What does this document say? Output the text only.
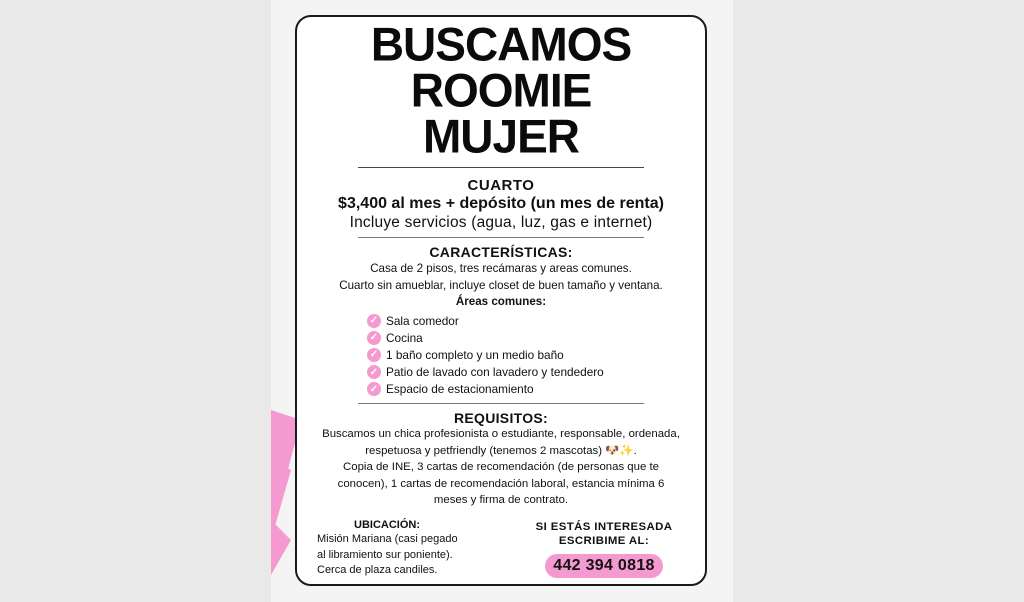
BUSCAMOS
ROOMIE
MUJER
CUARTO
$3,400 al mes + depósito (un mes de renta)
Incluye servicios (agua, luz, gas e internet)
CARACTERÍSTICAS:
Casa de 2 pisos, tres recámaras y areas comunes.
Cuarto sin amueblar, incluye closet de buen tamaño y ventana.
Áreas comunes:
✓ Sala comedor
✓ Cocina
✓ 1 baño completo y un medio baño
✓ Patio de lavado con lavadero y tendedero
✓ Espacio de estacionamiento
REQUISITOS:
Buscamos un chica profesionista o estudiante, responsable, ordenada,
respetuosa y petfriendly (tenemos 2 mascotas) 🐶✨.
Copia de INE, 3 cartas de recomendación (de personas que te
conocen), 1 cartas de recomendación laboral, estancia mínima 6
meses y firma de contrato.
UBICACIÓN:
Misión Mariana (casi pegado
al libramiento sur poniente).
Cerca de plaza candiles.
SI ESTÁS INTERESADA
ESCRIBIME AL:
442 394 0818
